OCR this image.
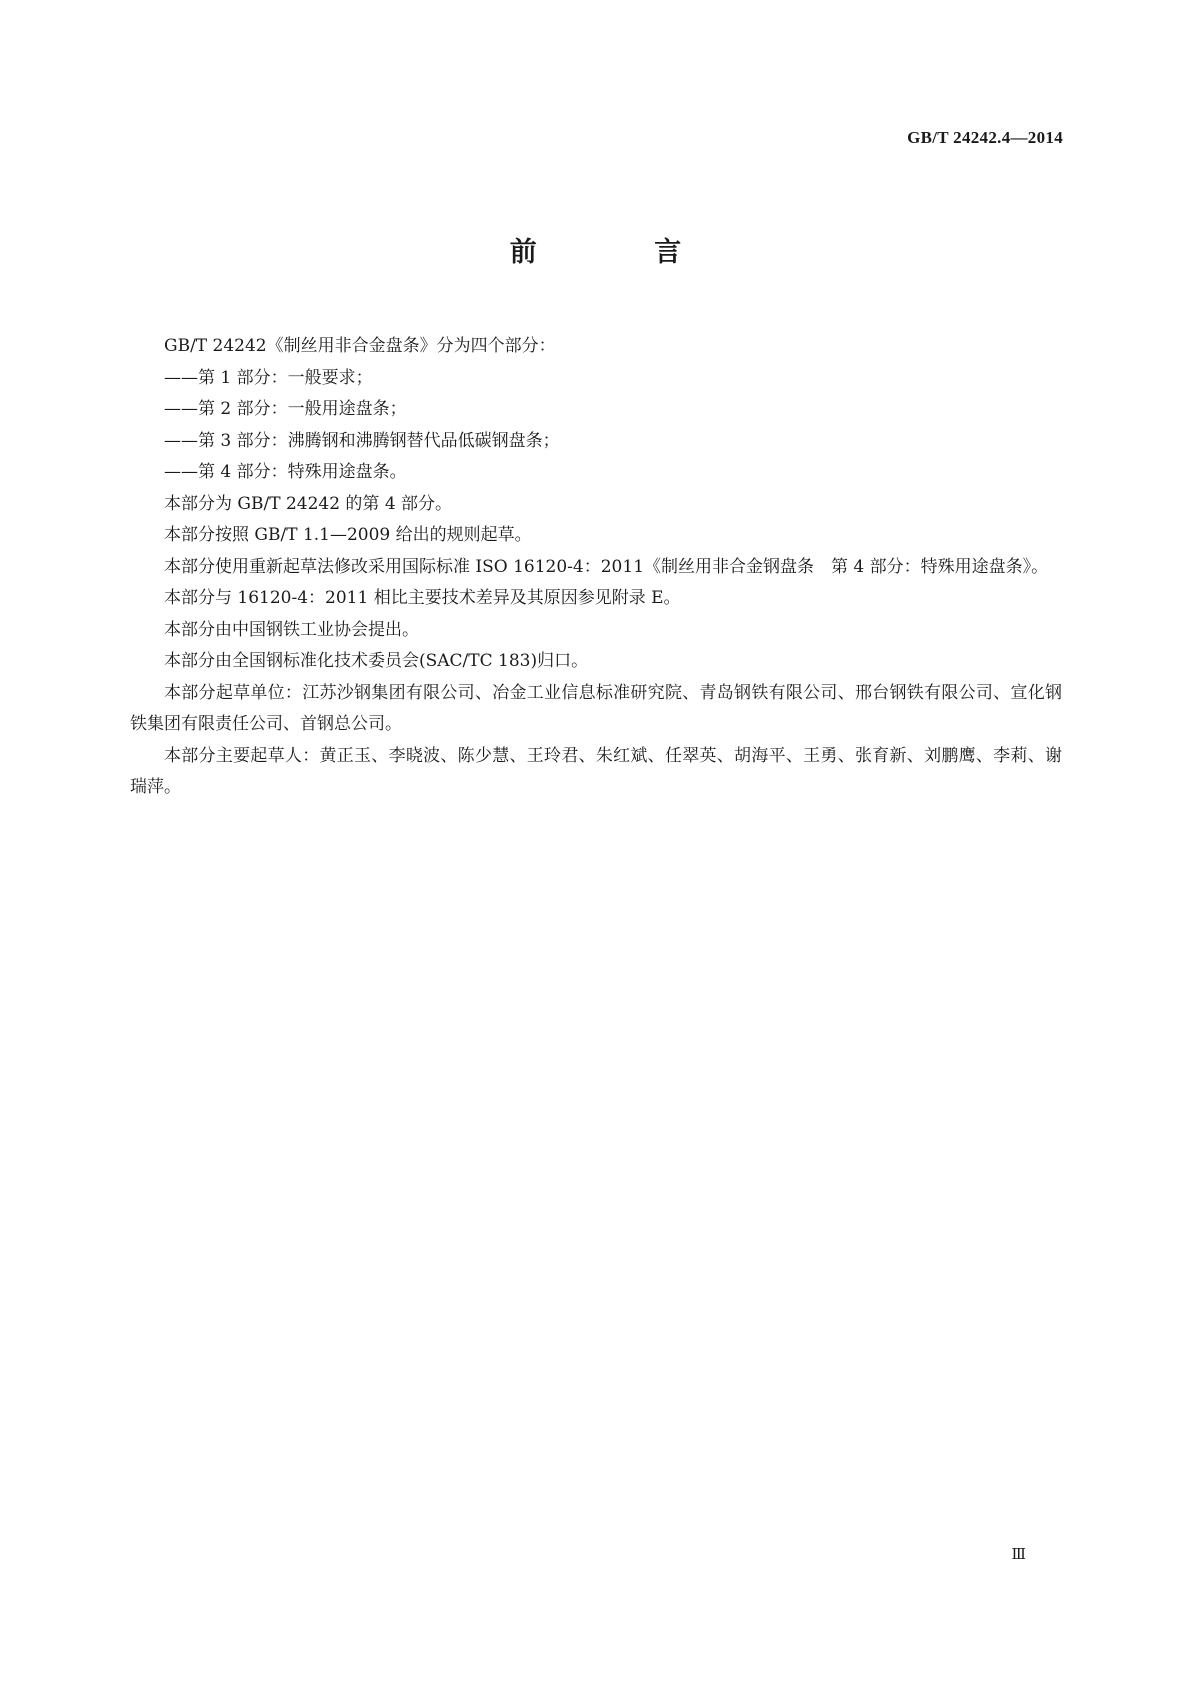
GB/T 24242.4—2014
前 言

GB/T 24242《制丝用非合金盘条》分为四个部分：

——第 1 部分：一般要求；

——第 2 部分：一般用途盘条；

——第 3 部分：沸腾钢和沸腾钢替代品低碳钢盘条；

——第 4 部分：特殊用途盘条。

本部分为 GB/T 24242 的第 4 部分。

本部分按照 GB/T 1.1—2009 给出的规则起草。

本部分使用重新起草法修改采用国际标准 ISO 16120-4：2011《制丝用非合金钢盘条　第 4 部分：特殊用途盘条》。

本部分与 16120-4：2011 相比主要技术差异及其原因参见附录 E。

本部分由中国钢铁工业协会提出。

本部分由全国钢标准化技术委员会(SAC/TC 183)归口。

本部分起草单位：江苏沙钢集团有限公司、冶金工业信息标准研究院、青岛钢铁有限公司、邢台钢铁有限公司、宣化钢铁集团有限责任公司、首钢总公司。

本部分主要起草人：黄正玉、李晓波、陈少慧、王玲君、朱红斌、任翠英、胡海平、王勇、张育新、刘鹏鹰、李莉、谢瑞萍。

Ⅲ
